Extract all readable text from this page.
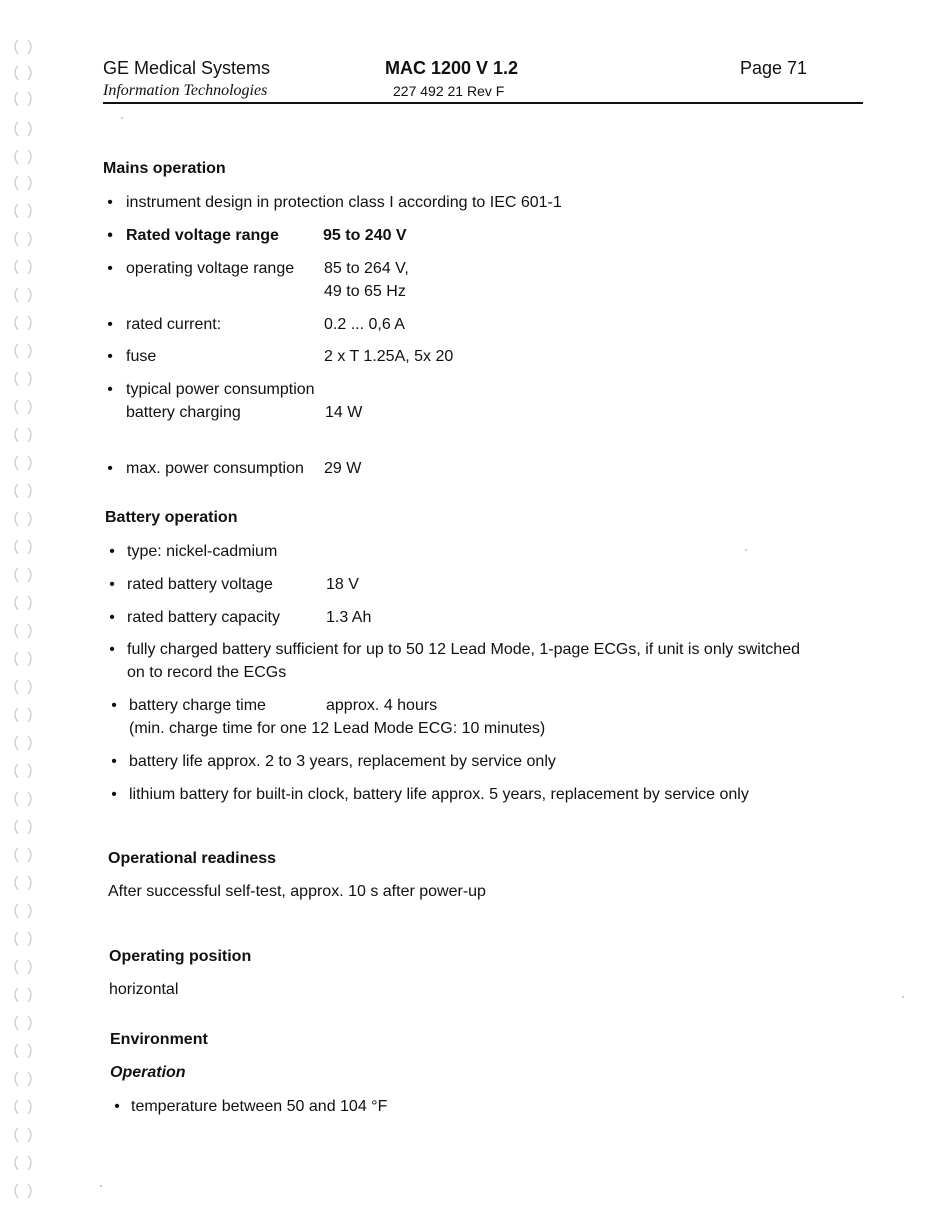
GE Medical Systems
Information Technologies
MAC 1200 V 1.2
227 492 21 Rev F
Page 71
Mains operation
• instrument design in protection class I according to IEC 601-1
• Rated voltage range	95 to 240 V
• operating voltage range 85 to 264 V,
49 to 65 Hz
• rated current:	0.2 ... 0,6 A
• fuse	2 x T 1.25A, 5x 20
• typical power consumption
battery charging	14 W
• max. power consumption 29 W
Battery operation
• type: nickel-cadmium
• rated battery voltage	18 V
• rated battery capacity	1.3 Ah
• fully charged battery sufficient for up to 50 12 Lead Mode, 1-page ECGs, if unit is only switched
on to record the ECGs
• battery charge time	approx. 4 hours
(min. charge time for one 12 Lead Mode ECG: 10 minutes)
• battery life approx. 2 to 3 years, replacement by service only
• lithium battery for built-in clock, battery life approx. 5 years, replacement by service only
Operational readiness
After successful self-test, approx. 10 s after power-up
Operating position
horizontal
Environment
Operation
• temperature between 50 and 104 °F
